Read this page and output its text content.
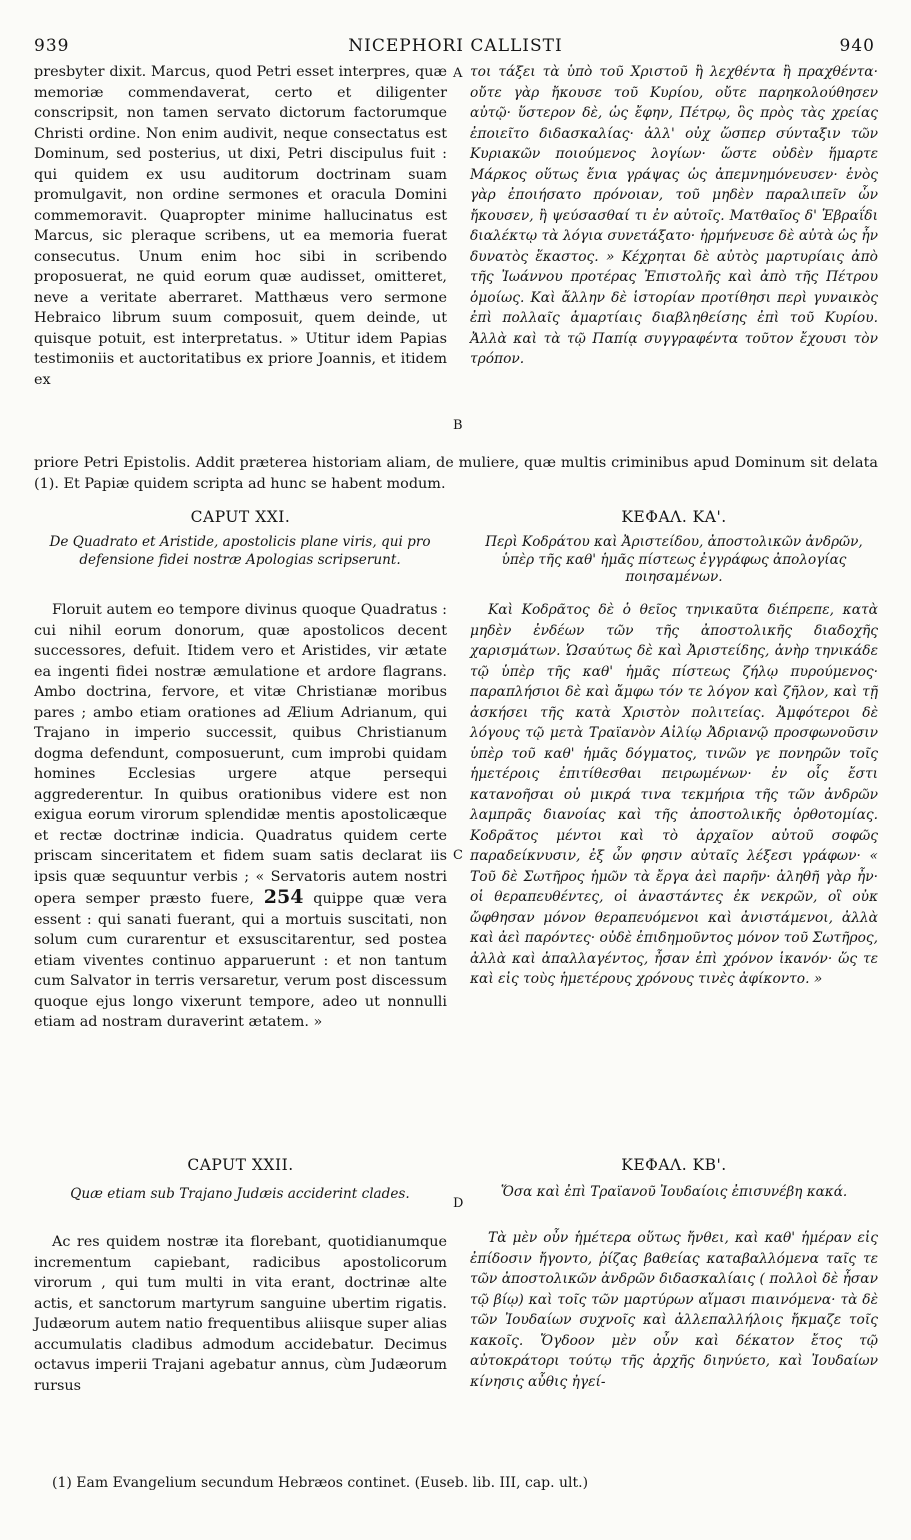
939	NICEPHORI CALLISTI	940

presbyter dixit. Marcus, quod Petri esset interpres, quæ memoriæ commendaverat, certo et diligenter conscripsit, non tamen servato dictorum factorumque Christi ordine. Non enim audivit, neque consectatus est Dominum, sed posterius, ut dixi, Petri discipulus fuit : qui quidem ex usu auditorum doctrinam suam promulgavit, non ordine sermones et oracula Domini commemoravit. Quapropter minime hallucinatus est Marcus, sic pleraque scribens, ut ea memoria fuerat consecutus. Unum enim hoc sibi in scribendo proposuerat, ne quid eorum quæ audisset, omitteret, neve a veritate aberraret. Matthæus vero sermone Hebraico librum suum composuit, quem deinde, ut quisque potuit, est interpretatus. » Utitur idem Papias testimoniis et auctoritatibus ex priore Joannis, et itidem ex

A τοι τάξει τὰ ὑπὸ τοῦ Χριστοῦ ἢ λεχθέντα ἢ πραχθέντα· οὔτε γὰρ ἤκουσε τοῦ Κυρίου, οὔτε παρηκολούθησεν αὐτῷ· ὕστερον δὲ, ὡς ἔφην, Πέτρῳ, ὃς πρὸς τὰς χρείας ἐποιεῖτο διδασκαλίας· ἀλλ' οὐχ ὥσπερ σύνταξιν τῶν Κυριακῶν ποιούμενος λογίων· ὥστε οὐδὲν ἥμαρτε Μάρκος οὕτως ἔνια γράψας ὡς ἀπεμνημόνευσεν· ἑνὸς γὰρ ἐποιήσατο πρόνοιαν, τοῦ μηδὲν παραλιπεῖν ὧν ἤκουσεν, ἢ ψεύσασθαί τι ἐν αὐτοῖς. Ματθαῖος δ' Ἑβραΐδι διαλέκτῳ τὰ λόγια συνετάξατο· ἡρμήνευσε δὲ αὐτὰ ὡς ἦν δυνατὸς ἕκαστος. » Κέχρηται δὲ αὐτὸς μαρτυρίαις ἀπὸ τῆς Ἰωάννου προτέρας Ἐπιστολῆς καὶ ἀπὸ τῆς Πέτρου ὁμοίως. Καὶ ἄλλην δὲ ἱστορίαν προτίθησι περὶ γυναικὸς ἐπὶ πολλαῖς ἁμαρτίαις διαβληθείσης ἐπὶ τοῦ Κυρίου. Ἀλλὰ καὶ τὰ τῷ Παπίᾳ συγγραφέντα τοῦτον ἔχουσι τὸν τρόπον.

B

priore Petri Epistolis. Addit præterea historiam aliam, de muliere, quæ multis criminibus apud Dominum sit delata (1). Et Papiæ quidem scripta ad hunc se habent modum.

CAPUT XXI.
De Quadrato et Aristide, apostolicis plane viris, qui pro defensione fidei nostræ Apologias scripserunt.
ΚΕΦΑΛ. ΚΑ'.
Περὶ Κοδράτου καὶ Ἀριστείδου, ἀποστολικῶν ἀνδρῶν, ὑπὲρ τῆς καθ' ἡμᾶς πίστεως ἐγγράφως ἀπολογίας ποιησαμένων.

Floruit autem eo tempore divinus quoque Quadratus : cui nihil eorum donorum, quæ apostolicos decent successores, defuit. Itidem vero et Aristides, vir ætate ea ingenti fidei nostræ æmulatione et ardore flagrans. Ambo doctrina, fervore, et vitæ Christianæ moribus pares ; ambo etiam orationes ad Ælium Adrianum, qui Trajano in imperio successit, quibus Christianum dogma defendunt, composuerunt, cum improbi quidam homines Ecclesias urgere atque persequi aggrederentur. In quibus orationibus videre est non exigua eorum virorum splendidæ mentis apostolicæque et rectæ doctrinæ indicia. Quadratus quidem certe priscam sinceritatem et fidem suam satis declarat iis ipsis quæ sequuntur verbis ; « Servatoris autem nostri opera semper præsto fuere, 254 quippe quæ vera essent : qui sanati fuerant, qui a mortuis suscitati, non solum cum curarentur et exsuscitarentur, sed postea etiam viventes continuo apparuerunt : et non tantum cum Salvator in terris versaretur, verum post discessum quoque ejus longo vixerunt tempore, adeo ut nonnulli etiam ad nostram duraverint ætatem. »

C

Καὶ Κοδρᾶτος δὲ ὁ θεῖος τηνικαῦτα διέπρεπε, κατὰ μηδὲν ἐνδέων τῶν τῆς ἀποστολικῆς διαδοχῆς χαρισμάτων. Ὡσαύτως δὲ καὶ Ἀριστείδης, ἀνὴρ τηνικάδε τῷ ὑπὲρ τῆς καθ' ἡμᾶς πίστεως ζήλῳ πυρούμενος· παραπλήσιοι δὲ καὶ ἄμφω τόν τε λόγον καὶ ζῆλον, καὶ τῇ ἀσκήσει τῆς κατὰ Χριστὸν πολιτείας. Ἀμφότεροι δὲ λόγους τῷ μετὰ Τραϊανὸν Αἰλίῳ Ἀδριανῷ προσφωνοῦσιν ὑπὲρ τοῦ καθ' ἡμᾶς δόγματος, τινῶν γε πονηρῶν τοῖς ἡμετέροις ἐπιτίθεσθαι πειρωμένων· ἐν οἷς ἔστι κατανοῆσαι οὐ μικρά τινα τεκμήρια τῆς τῶν ἀνδρῶν λαμπρᾶς διανοίας καὶ τῆς ἀποστολικῆς ὀρθοτομίας. Κοδρᾶτος μέντοι καὶ τὸ ἀρχαῖον αὐτοῦ σοφῶς παραδείκνυσιν, ἐξ ὧν φησιν αὐταῖς λέξεσι γράφων· « Τοῦ δὲ Σωτῆρος ἡμῶν τὰ ἔργα ἀεὶ παρῆν· ἀληθῆ γὰρ ἦν· οἱ θεραπευθέντες, οἱ ἀναστάντες ἐκ νεκρῶν, οἳ οὐκ ὤφθησαν μόνον θεραπευόμενοι καὶ ἀνιστάμενοι, ἀλλὰ καὶ ἀεὶ παρόντες· οὐδὲ ἐπιδημοῦντος μόνον τοῦ Σωτῆρος, ἀλλὰ καὶ ἀπαλλαγέντος, ἦσαν ἐπὶ χρόνον ἱκανόν· ὥς τε καὶ εἰς τοὺς ἡμετέρους χρόνους τινὲς ἀφίκοντο. »

CAPUT XXII.
Quæ etiam sub Trajano Judæis acciderint clades.
ΚΕΦΑΛ. ΚΒ'.
Ὅσα καὶ ἐπὶ Τραϊανοῦ Ἰουδαίοις ἐπισυνέβη κακά.
D

Ac res quidem nostræ ita florebant, quotidianumque incrementum capiebant, radicibus apostolicorum virorum , qui tum multi in vita erant, doctrinæ alte actis, et sanctorum martyrum sanguine ubertim rigatis. Judæorum autem natio frequentibus aliisque super alias accumulatis cladibus admodum accidebatur. Decimus octavus imperii Trajani agebatur annus, cùm Judæorum rursus

Τὰ μὲν οὖν ἡμέτερα οὕτως ἤνθει, καὶ καθ' ἡμέραν εἰς ἐπίδοσιν ἤγοντο, ῥίζας βαθείας καταβαλλόμενα ταῖς τε τῶν ἀποστολικῶν ἀνδρῶν διδασκαλίαις ( πολλοὶ δὲ ἦσαν τῷ βίῳ) καὶ τοῖς τῶν μαρτύρων αἵμασι πιαινόμενα· τὰ δὲ τῶν Ἰουδαίων συχνοῖς καὶ ἀλλεπαλλήλοις ἤκμαζε τοῖς κακοῖς. Ὄγδοον μὲν οὖν καὶ δέκατον ἔτος τῷ αὐτοκράτορι τούτῳ τῆς ἀρχῆς διηνύετο, καὶ Ἰουδαίων κίνησις αὖθις ἠγεί-

(1) Eam Evangelium secundum Hebræos continet. (Euseb. lib. III, cap. ult.)
